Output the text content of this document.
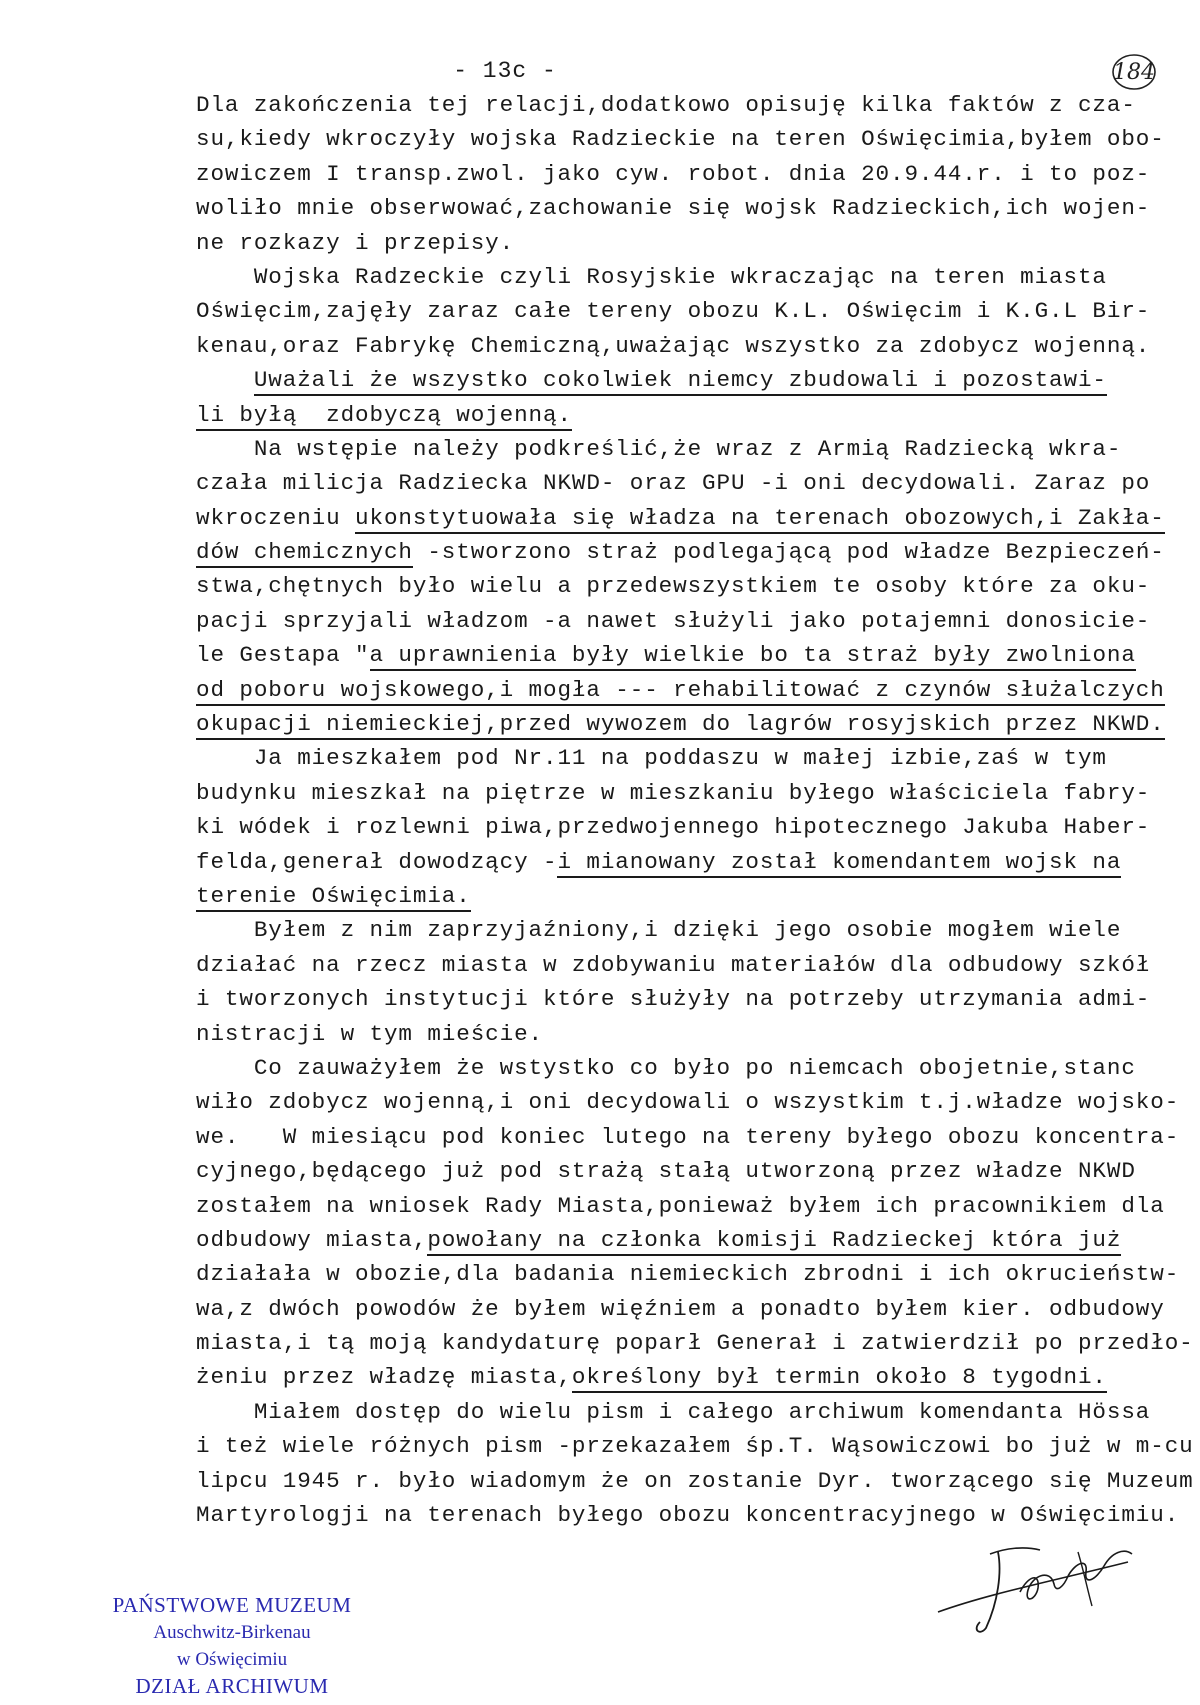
- 13c -	184
Dla zakończenia tej relacji,dodatkowo opisuję kilka faktów z cza-
su,kiedy wkroczyły wojska Radzieckie na teren Oświęcimia,byłem obo-
zowiczem I transp.zwol. jako cyw. robot. dnia 20.9.44.r. i to poz-
woliło mnie obserwować,zachowanie się wojsk Radzieckich,ich wojen-
ne rozkazy i przepisy.
Wojska Radzeckie czyli Rosyjskie wkraczając na teren miasta
Oświęcim,zajęły zaraz całe tereny obozu K.L. Oświęcim i K.G.L Bir-
kenau,oraz Fabrykę Chemiczną,uważając wszystko za zdobycz wojenną.
Uważali że wszystko cokolwiek niemcy zbudowali i pozostawi-
li byłą  zdobyczą wojenną.
Na wstępie należy podkreślić,że wraz z Armią Radziecką wkra-
czała milicja Radziecka NKWD- oraz GPU -i oni decydowali. Zaraz po
wkroczeniu ukonstytuowała się władza na terenach obozowych,i Zakła-
dów chemicznych -stworzono straż podlegającą pod władze Bezpieczeń-
stwa,chętnych było wielu a przedewszystkiem te osoby które za oku-
pacji sprzyjali władzom -a nawet służyli jako potajemni donosicie-
le Gestapa "a uprawnienia były wielkie bo ta straż były zwolniona
od poboru wojskowego,i mogła --- rehabilitować z czynów służalczych
okupacji niemieckiej,przed wywozem do lagrów rosyjskich przez NKWD.
Ja mieszkałem pod Nr.11 na poddaszu w małej izbie,zaś w tym
budynku mieszkał na piętrze w mieszkaniu byłego właściciela fabry-
ki wódek i rozlewni piwa,przedwojennego hipotecznego Jakuba Haber-
felda,generał dowodzący -i mianowany został komendantem wojsk na
terenie Oświęcimia.
Byłem z nim zaprzyjaźniony,i dzięki jego osobie mogłem wiele
działać na rzecz miasta w zdobywaniu materiałów dla odbudowy szkół
i tworzonych instytucji które służyły na potrzeby utrzymania admi-
nistracji w tym mieście.
Co zauważyłem że wstystko co było po niemcach obojetnie,stanc
wiło zdobycz wojenną,i oni decydowali o wszystkim t.j.władze wojsko-
we.   W miesiącu pod koniec lutego na tereny byłego obozu koncentra-
cyjnego,będącego już pod strażą stałą utworzoną przez władze NKWD
zostałem na wniosek Rady Miasta,ponieważ byłem ich pracownikiem dla
odbudowy miasta,powołany na członka komisji Radzieckej która już
działała w obozie,dla badania niemieckich zbrodni i ich okrucieństw-
wa,z dwóch powodów że byłem więźniem a ponadto byłem kier. odbudowy
miasta,i tą moją kandydaturę poparł Generał i zatwierdził po przedło-
żeniu przez władzę miasta,określony był termin około 8 tygodni.
Miałem dostęp do wielu pism i całego archiwum komendanta Hössa
i też wiele różnych pism -przekazałem śp.T. Wąsowiczowi bo już w m-cu
lipcu 1945 r. było wiadomym że on zostanie Dyr. tworzącego się Muzeum
Martyrologji na terenach byłego obozu koncentracyjnego w Oświęcimiu.
PAŃSTWOWE MUZEUM
Auschwitz-Birkenau
w Oświęcimiu
DZIAŁ ARCHIWUM
